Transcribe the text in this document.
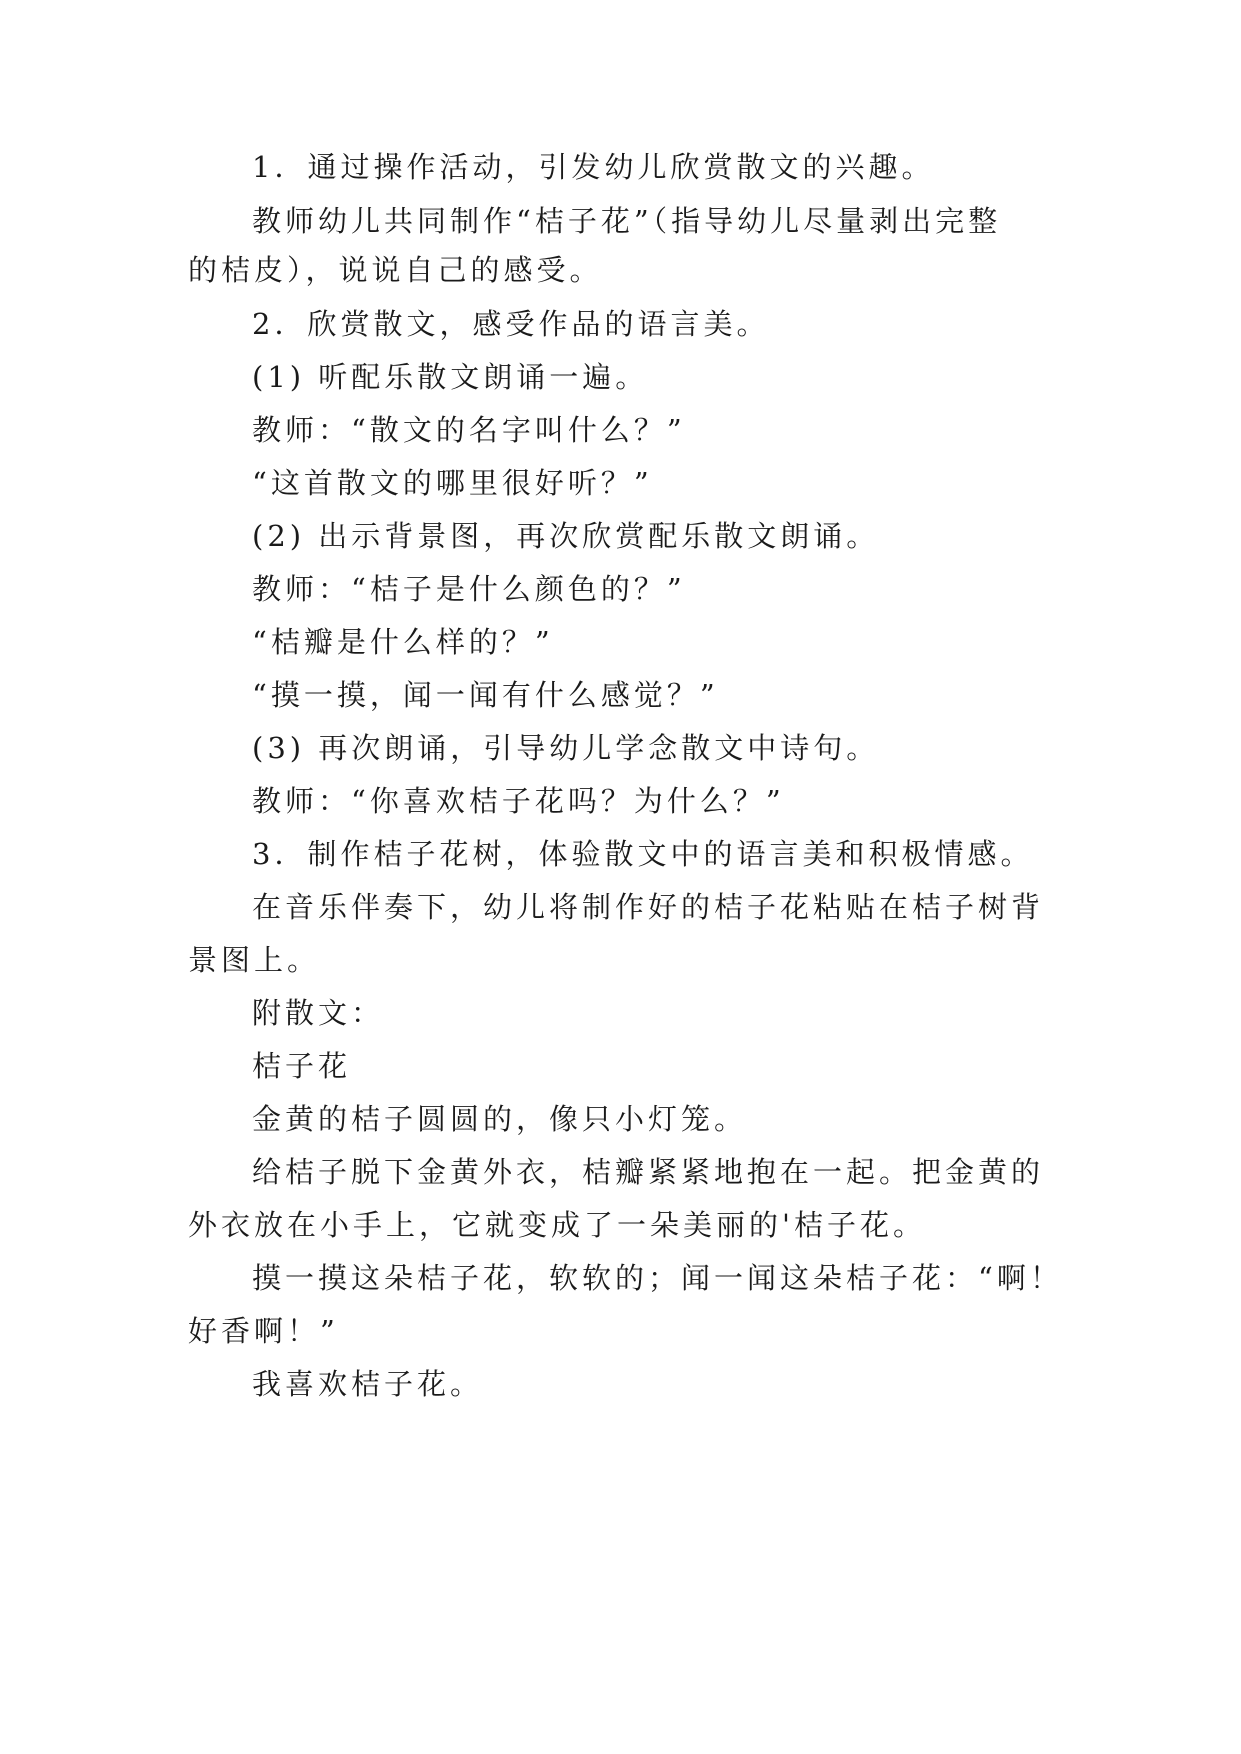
1．通过操作活动，引发幼儿欣赏散文的兴趣。
教师幼儿共同制作“桔子花”（指导幼儿尽量剥出完整
的桔皮），说说自己的感受。
2．欣赏散文，感受作品的语言美。
(1) 听配乐散文朗诵一遍。
教师：“散文的名字叫什么？”
“这首散文的哪里很好听？”
(2) 出示背景图，再次欣赏配乐散文朗诵。
教师：“桔子是什么颜色的？”
“桔瓣是什么样的？”
“摸一摸，闻一闻有什么感觉？”
(3) 再次朗诵，引导幼儿学念散文中诗句。
教师：“你喜欢桔子花吗？为什么？”
3．制作桔子花树，体验散文中的语言美和积极情感。
在音乐伴奏下，幼儿将制作好的桔子花粘贴在桔子树背
景图上。
附散文：
桔子花
金黄的桔子圆圆的，像只小灯笼。
给桔子脱下金黄外衣，桔瓣紧紧地抱在一起。把金黄的
外衣放在小手上，它就变成了一朵美丽的'桔子花。
摸一摸这朵桔子花，软软的；闻一闻这朵桔子花：“啊！
好香啊！”
我喜欢桔子花。
